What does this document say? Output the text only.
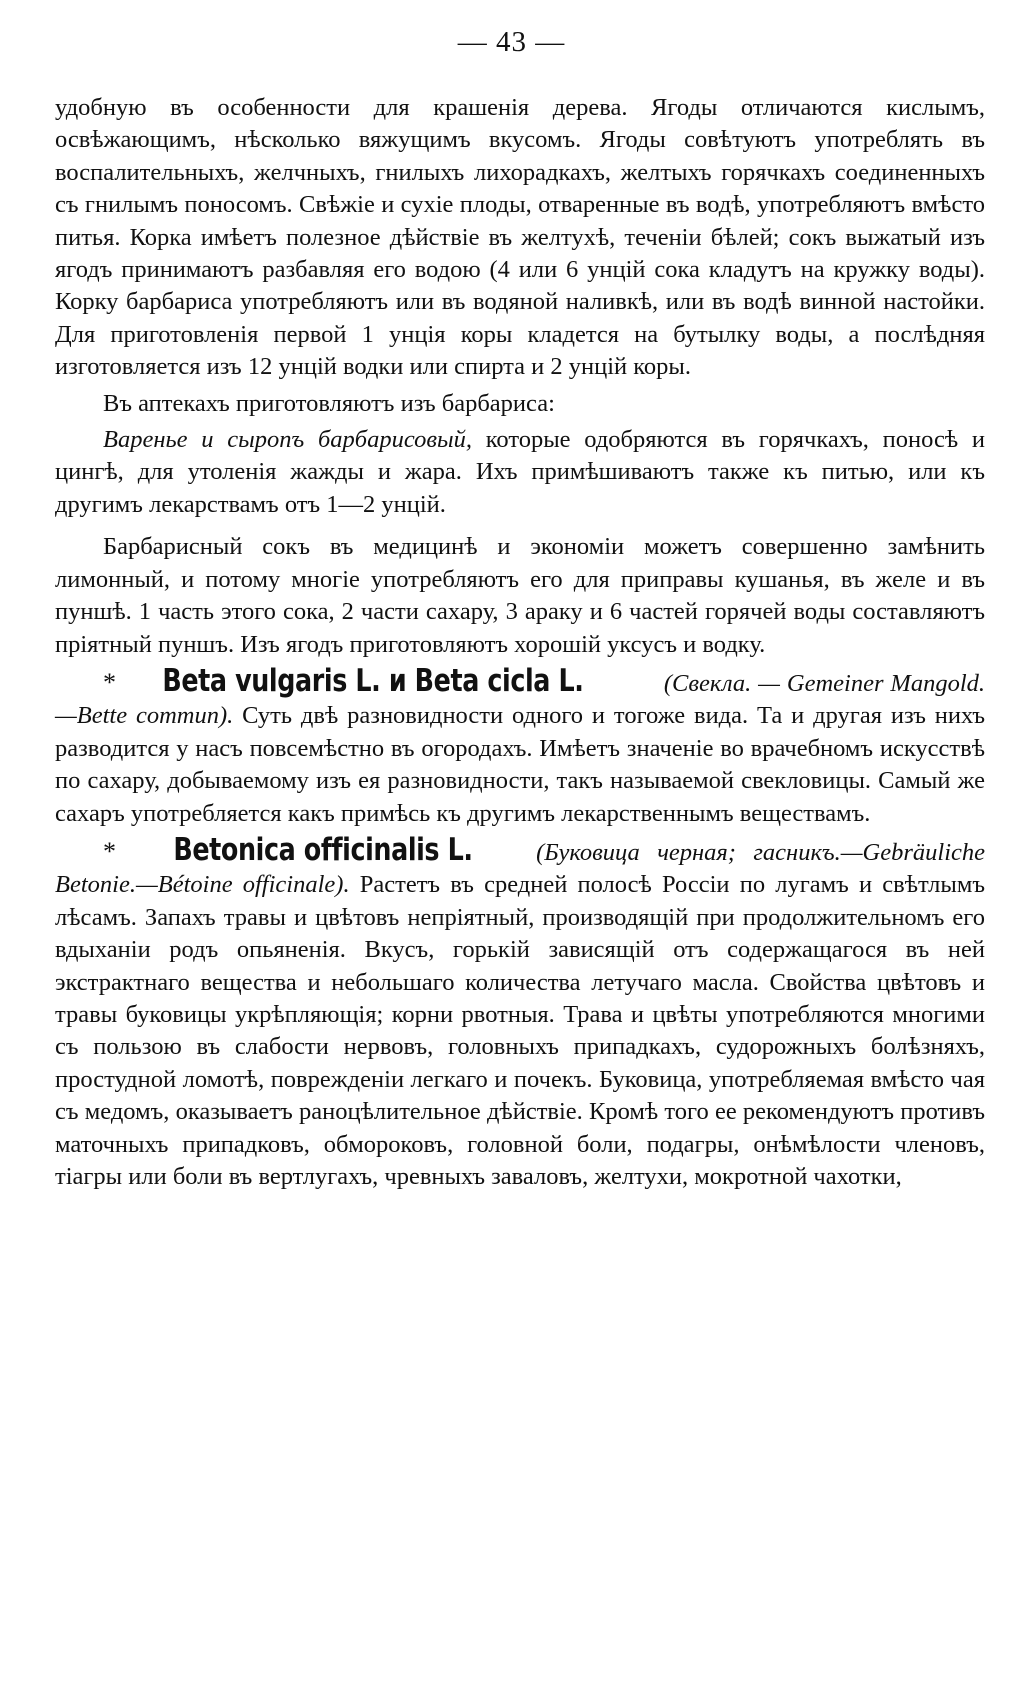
— 43 —

удобную въ особенности для крашенія дерева. Ягоды отличаются кислымъ, освѣжающимъ, нѣсколько вяжущимъ вкусомъ. Ягоды совѣтуютъ употреблять въ воспалительныхъ, желчныхъ, гнилыхъ лихорадкахъ, желтыхъ горячкахъ соединенныхъ съ гнилымъ поносомъ. Свѣжіе и сухіе плоды, отваренные въ водѣ, употребляютъ вмѣсто питья. Корка имѣетъ полезное дѣйствіе въ желтухѣ, теченіи бѣлей; сокъ выжатый изъ ягодъ принимаютъ разбавляя его водою (4 или 6 унцій сока кладутъ на кружку воды). Корку барбариса употребляютъ или въ водяной наливкѣ, или въ водѣ винной настойки. Для приготовленія первой 1 унція коры кладется на бутылку воды, а послѣдняя изготовляется изъ 12 унцій водки или спирта и 2 унцій коры.

Въ аптекахъ приготовляютъ изъ барбариса:

Варенье и сыропъ барбарисовый, которые одобряются въ горячкахъ, поносѣ и цингѣ, для утоленія жажды и жара. Ихъ примѣшиваютъ также къ питью, или къ другимъ лекарствамъ отъ 1—2 унцій.

Барбарисный сокъ въ медицинѣ и экономіи можетъ совершенно замѣнить лимонный, и потому многіе употребляютъ его для приправы кушанья, въ желе и въ пуншѣ. 1 часть этого сока, 2 части сахару, 3 араку и 6 частей горячей воды составляютъ пріятный пуншъ. Изъ ягодъ приготовляютъ хорошій уксусъ и водку.

* Beta vulgaris L. и Beta cicla L.	(Свекла. — Gemeiner Mangold.—Bette commun). Суть двѣ разновидности одного и тогоже вида. Та и другая изъ нихъ разводится у насъ повсемѣстно въ огородахъ. Имѣетъ значеніе во врачебномъ искусствѣ по сахару, добываемому изъ ея разновидности, такъ называемой свекловицы. Самый же сахаръ употребляется какъ примѣсь къ другимъ лекарственнымъ веществамъ.

* Betonica officinalis L. (Буковица черная; гасникъ.—Gebräuliche Betonie.—Bétoine officinale). Растетъ въ средней полосѣ Россіи по лугамъ и свѣтлымъ лѣсамъ. Запахъ травы и цвѣтовъ непріятный, производящій при продолжительномъ его вдыханіи родъ опьяненія. Вкусъ, горькій зависящій отъ содержащагося въ ней экстрактнаго вещества и небольшаго количества летучаго масла. Свойства цвѣтовъ и травы буковицы укрѣпляющія; корни рвотныя. Трава и цвѣты употребляются многими съ пользою въ слабости нервовъ, головныхъ припадкахъ, судорожныхъ болѣзняхъ, простудной ломотѣ, поврежденіи легкаго и почекъ. Буковица, употребляемая вмѣсто чая съ медомъ, оказываетъ ранoцѣлительное дѣйствіе. Кромѣ того ее рекомендуютъ противъ маточныхъ припадковъ, обмороковъ, головной боли, подагры, онѣмѣлости членовъ, тіагры или боли въ вертлугахъ, чревныхъ заваловъ, желтухи, мокротной чахотки,
